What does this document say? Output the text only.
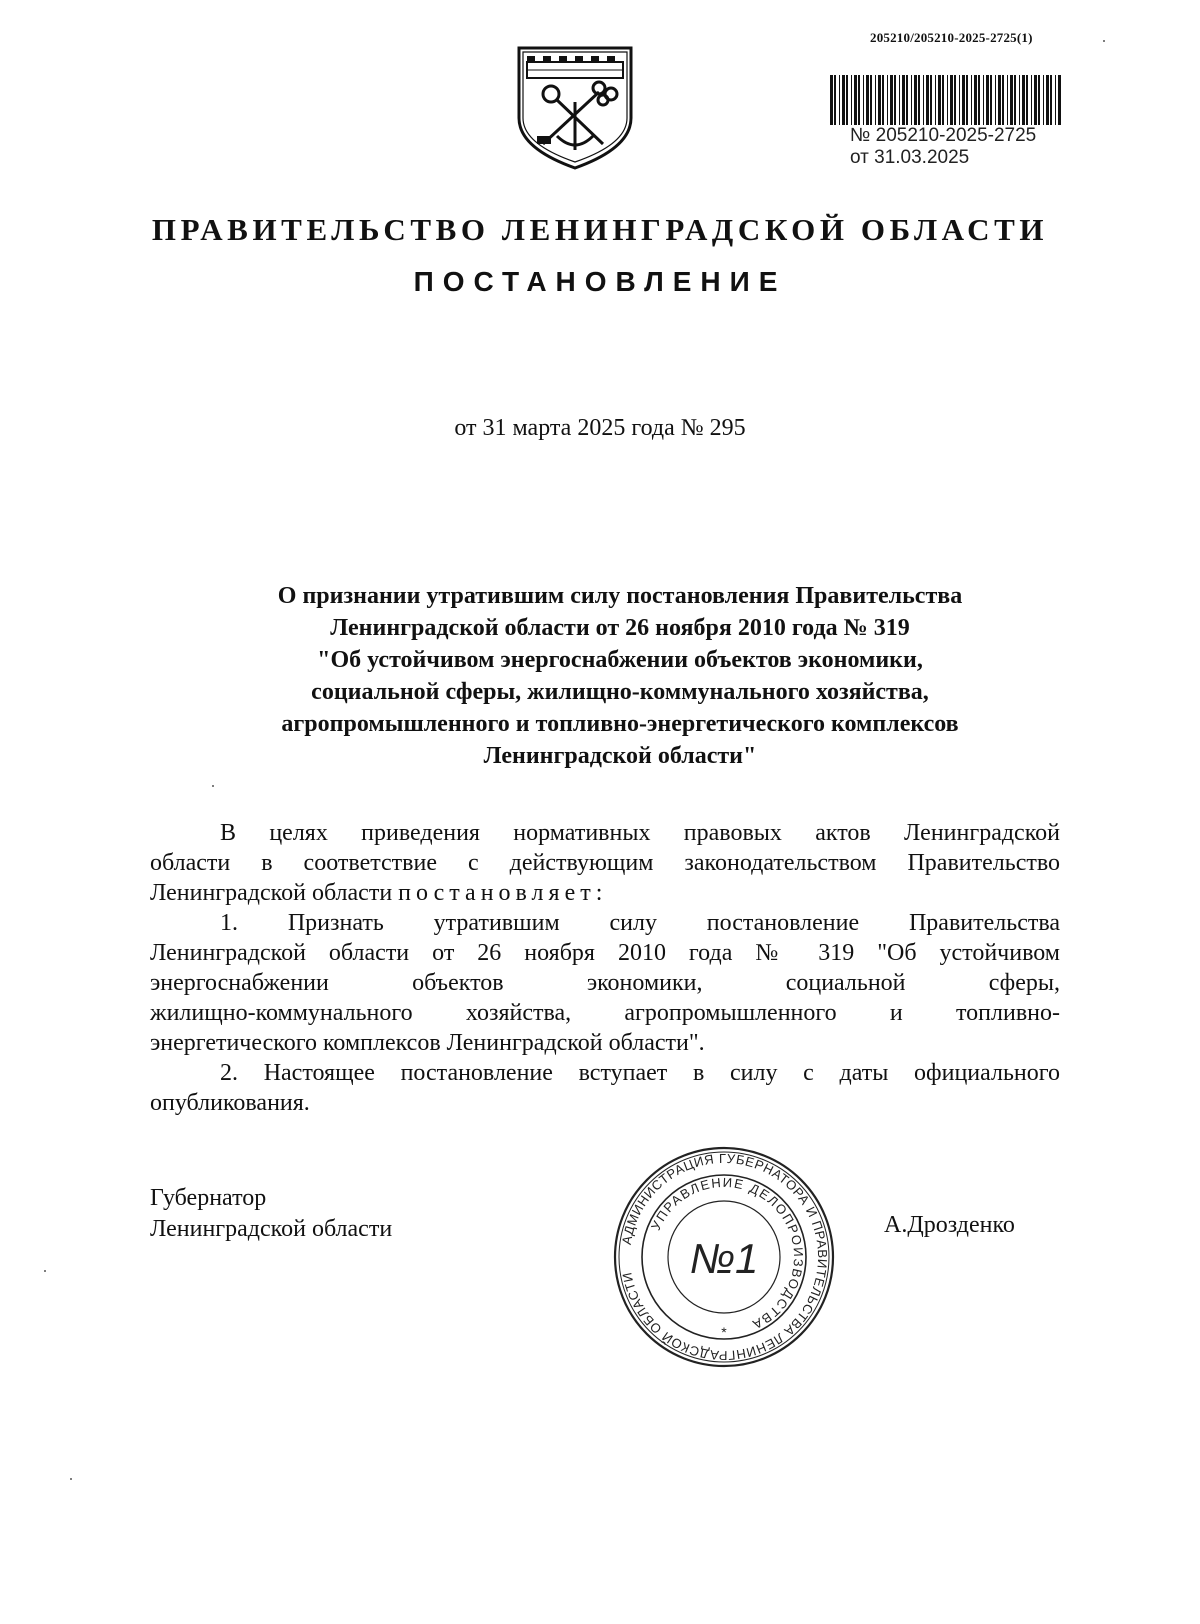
205210/205210-2025-2725(1)
№ 205210-2025-2725
от 31.03.2025
ПРАВИТЕЛЬСТВО ЛЕНИНГРАДСКОЙ ОБЛАСТИ
ПОСТАНОВЛЕНИЕ
от 31 марта 2025 года № 295
О признании утратившим силу постановления Правительства
Ленинградской области от 26 ноября 2010 года № 319
"Об устойчивом энергоснабжении объектов экономики,
социальной сферы, жилищно-коммунального хозяйства,
агропромышленного и топливно-энергетического комплексов
Ленинградской области"
В целях приведения нормативных правовых актов Ленинградской
области в соответствие с действующим законодательством Правительство
Ленинградской области постановляет:
1. Признать утратившим силу постановление Правительства
Ленинградской области от 26 ноября 2010 года № 319 "Об устойчивом
энергоснабжении объектов экономики, социальной сферы,
жилищно-коммунального хозяйства, агропромышленного и топливно-
энергетического комплексов Ленинградской области".
2. Настоящее постановление вступает в силу с даты официального
опубликования.
Губернатор
Ленинградской области	А.Дрозденко
АДМИНИСТРАЦИЯ ГУБЕРНАТОРА И ПРАВИТЕЛЬСТВА ЛЕНИНГРАДСКОЙ ОБЛАСТИ
УПРАВЛЕНИЕ ДЕЛОПРОИЗВОДСТВА
№1
*
